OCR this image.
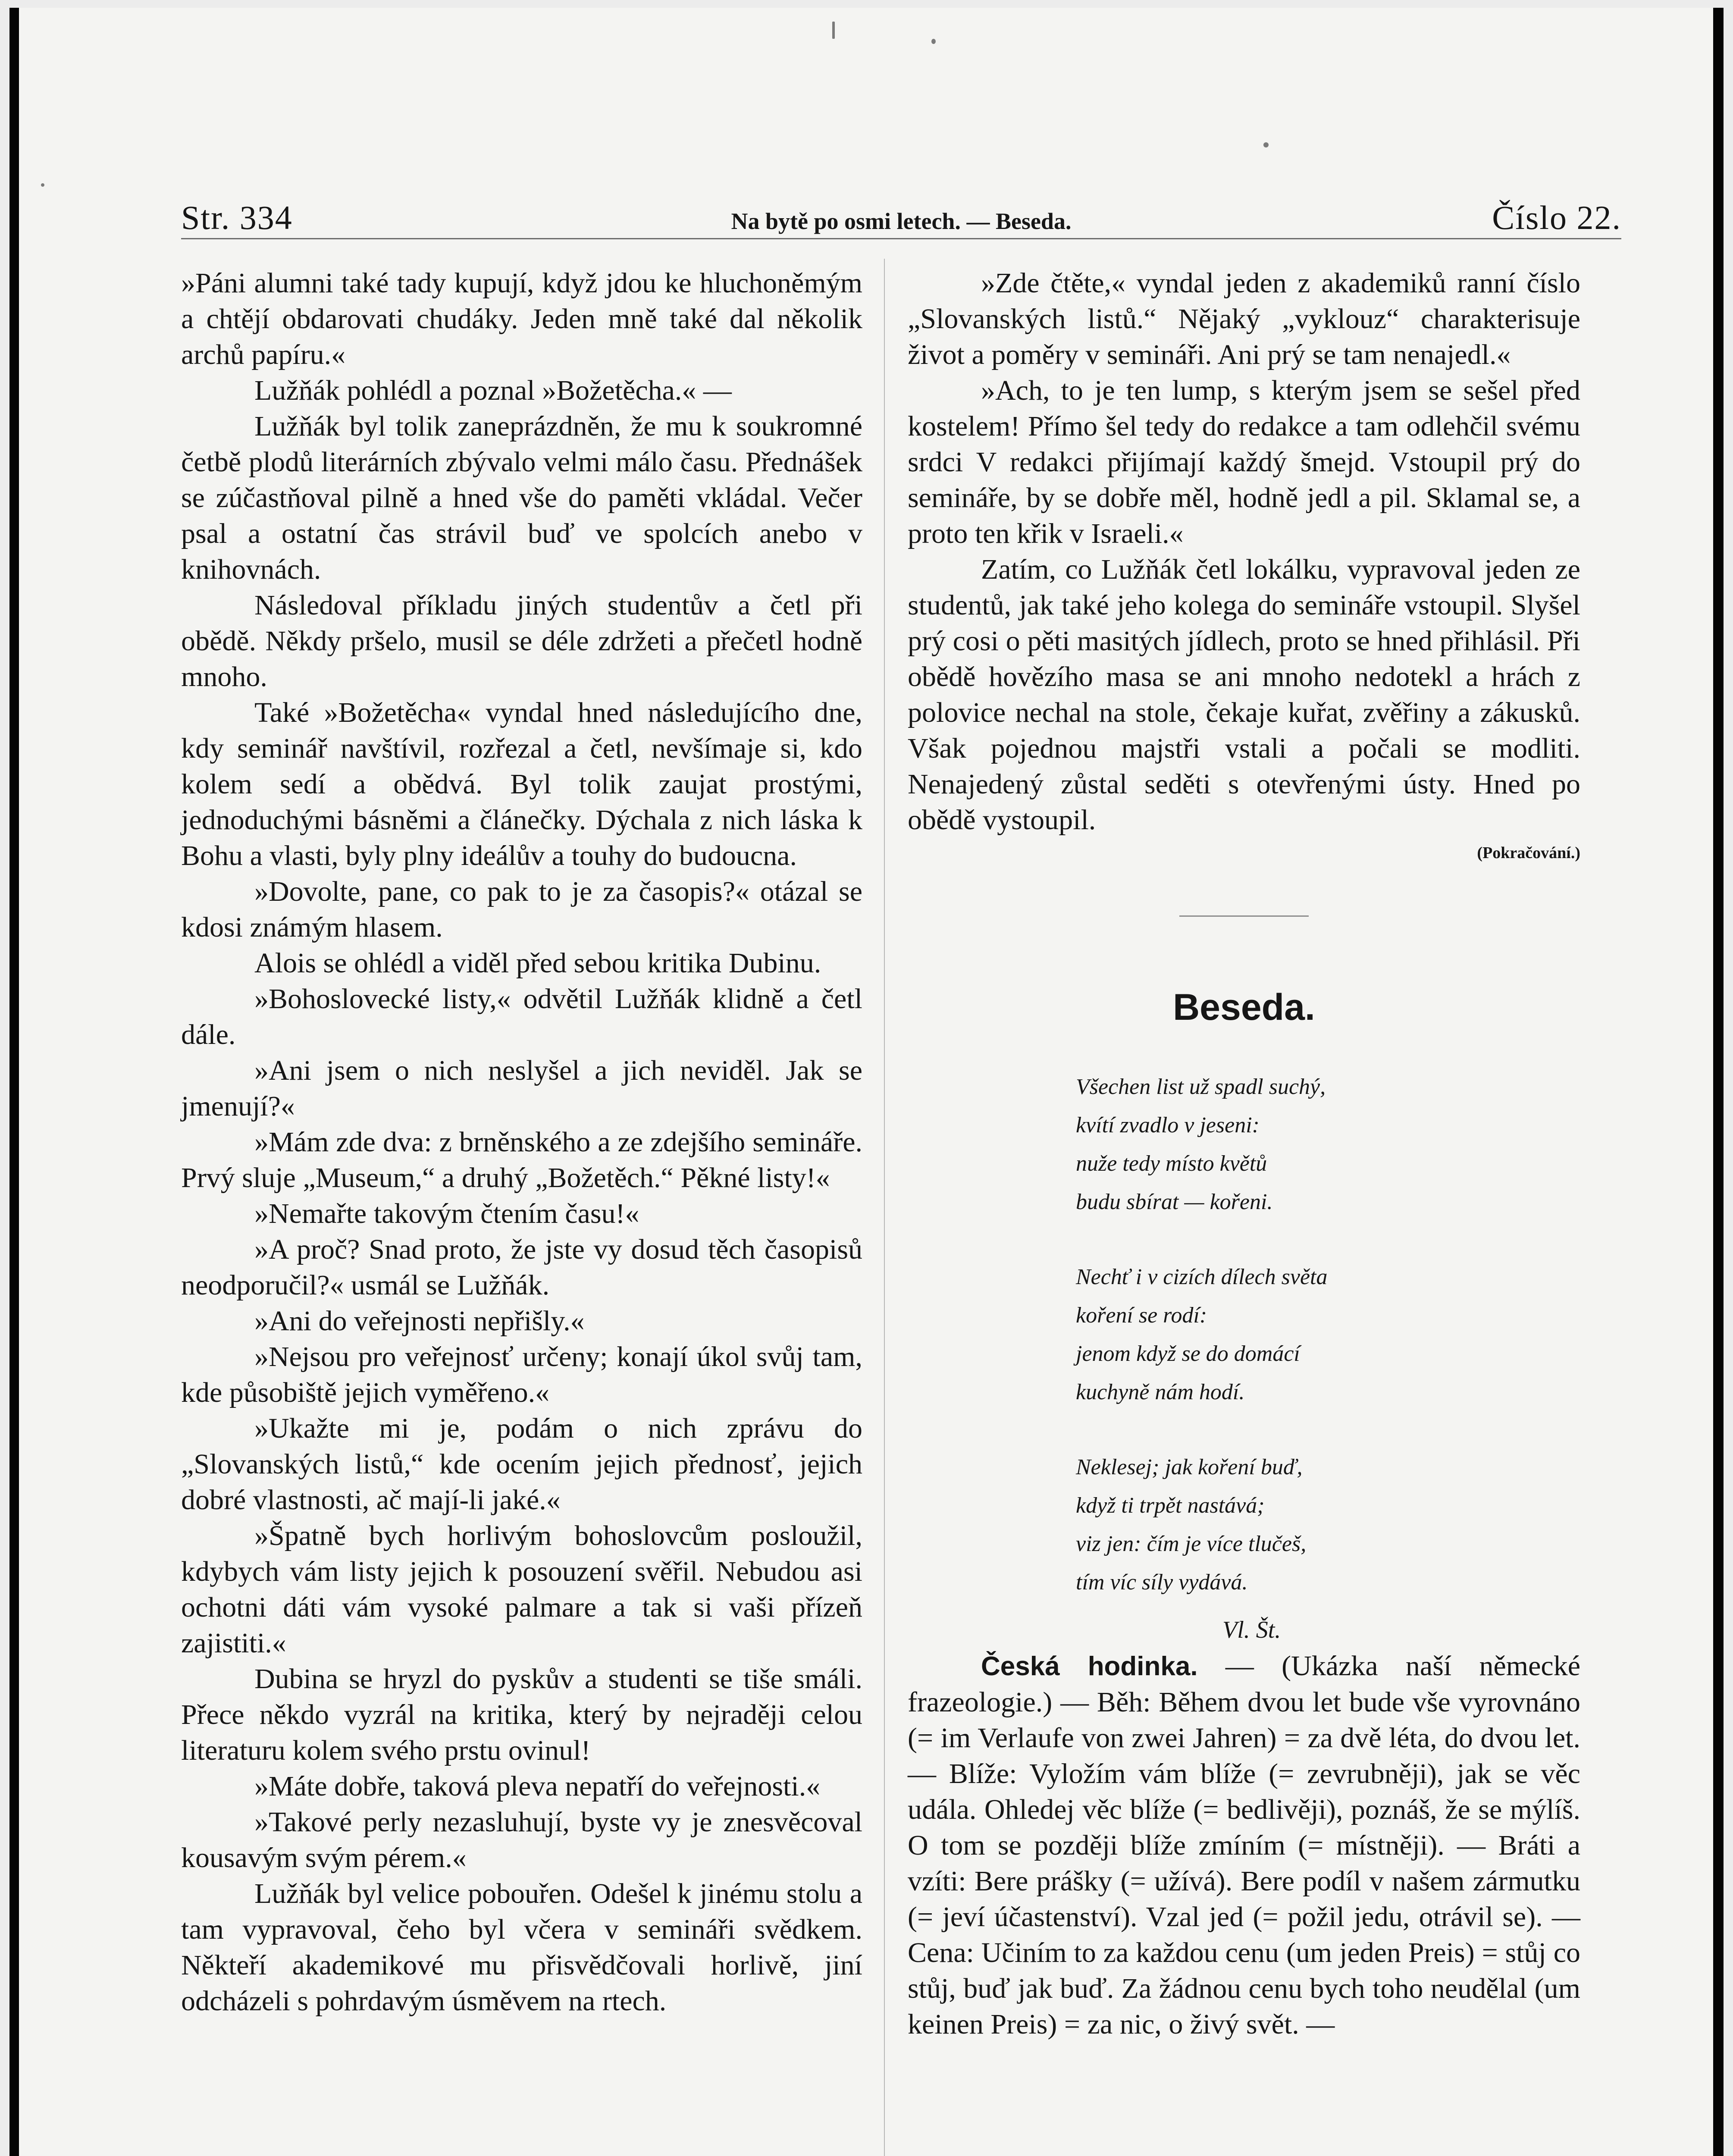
Str. 334	Na bytě po osmi letech. — Beseda.	Číslo 22.

»Páni alumni také tady kupují, když jdou ke hluchoněmým a chtějí obdarovati chudáky. Jeden mně také dal několik archů papíru.«

Lužňák pohlédl a poznal »Božetěcha.« —

Lužňák byl tolik zaneprázdněn, že mu k soukromné četbě plodů literárních zbývalo velmi málo času. Přednášek se zúčastňoval pilně a hned vše do paměti vkládal. Večer psal a ostatní čas strávil buď ve spolcích anebo v knihovnách.

Následoval příkladu jiných studentův a četl při obědě. Někdy pršelo, musil se déle zdržeti a přečetl hodně mnoho.

Také »Božetěcha« vyndal hned následujícího dne, kdy seminář navštívil, rozřezal a četl, nevšímaje si, kdo kolem sedí a obědvá. Byl tolik zaujat prostými, jednoduchými básněmi a článečky. Dýchala z nich láska k Bohu a vlasti, byly plny ideálův a touhy do budoucna.

»Dovolte, pane, co pak to je za časopis?« otázal se kdosi známým hlasem.

Alois se ohlédl a viděl před sebou kritika Dubinu.

»Bohoslovecké listy,« odvětil Lužňák klidně a četl dále.

»Ani jsem o nich neslyšel a jich neviděl. Jak se jmenují?«

»Mám zde dva: z brněnského a ze zdejšího semináře. Prvý sluje „Museum,“ a druhý „Božetěch.“ Pěkné listy!«

»Nemařte takovým čtením času!«

»A proč? Snad proto, že jste vy dosud těch časopisů neodporučil?« usmál se Lužňák.

»Ani do veřejnosti nepřišly.«

»Nejsou pro veřejnosť určeny; konají úkol svůj tam, kde působiště jejich vyměřeno.«

»Ukažte mi je, podám o nich zprávu do „Slovanských listů,“ kde ocením jejich přednosť, jejich dobré vlastnosti, ač mají-li jaké.«

»Špatně bych horlivým bohoslovcům posloužil, kdybych vám listy jejich k posouzení svěřil. Nebudou asi ochotni dáti vám vysoké palmare a tak si vaši přízeň zajistiti.«

Dubina se hryzl do pyskův a studenti se tiše smáli. Přece někdo vyzrál na kritika, který by nejraději celou literaturu kolem svého prstu ovinul!

»Máte dobře, taková pleva nepatří do veřejnosti.«

»Takové perly nezasluhují, byste vy je znesvěcoval kousavým svým pérem.«

Lužňák byl velice pobouřen. Odešel k jinému stolu a tam vypravoval, čeho byl včera v semináři svědkem. Někteří akademikové mu přisvědčovali horlivě, jiní odcházeli s pohrdavým úsměvem na rtech.

»Zde čtěte,« vyndal jeden z akademiků ranní číslo „Slovanských listů.“ Nějaký „vyklouz“ charakterisuje život a poměry v semináři. Ani prý se tam nenajedl.«

»Ach, to je ten lump, s kterým jsem se sešel před kostelem! Přímo šel tedy do redakce a tam odlehčil svému srdci V redakci přijímají každý šmejd. Vstoupil prý do semináře, by se dobře měl, hodně jedl a pil. Sklamal se, a proto ten křik v Israeli.«

Zatím, co Lužňák četl lokálku, vypravoval jeden ze studentů, jak také jeho kolega do semináře vstoupil. Slyšel prý cosi o pěti masitých jídlech, proto se hned přihlásil. Při obědě hovězího masa se ani mnoho nedotekl a hrách z polovice nechal na stole, čekaje kuřat, zvěřiny a zákusků. Však pojednou majstři vstali a počali se modliti. Nenajedený zůstal seděti s otevřenými ústy. Hned po obědě vystoupil.

(Pokračování.)
Beseda.
Všechen list už spadl suchý,
kvítí zvadlo v jeseni:
nuže tedy místo květů
budu sbírat — kořeni.
Nechť i v cizích dílech světa
koření se rodí:
jenom když se do domácí
kuchyně nám hodí.
Neklesej; jak koření buď,
když ti trpět nastává;
viz jen: čím je více tlučeš,
tím víc síly vydává.
Vl. Št.

Česká hodinka. — (Ukázka naší německé frazeologie.) — Běh: Během dvou let bude vše vyrovnáno (= im Verlaufe von zwei Jahren) = za dvě léta, do dvou let. — Blíže: Vyložím vám blíže (= zevrubněji), jak se věc udála. Ohledej věc blíže (= bedlivěji), poznáš, že se mýlíš. O tom se později blíže zmíním (= místněji). — Bráti a vzíti: Bere prášky (= užívá). Bere podíl v našem zármutku (= jeví účastenství). Vzal jed (= požil jedu, otrávil se). — Cena: Učiním to za každou cenu (um jeden Preis) = stůj co stůj, buď jak buď. Za žádnou cenu bych toho neudělal (um keinen Preis) = za nic, o živý svět. —
